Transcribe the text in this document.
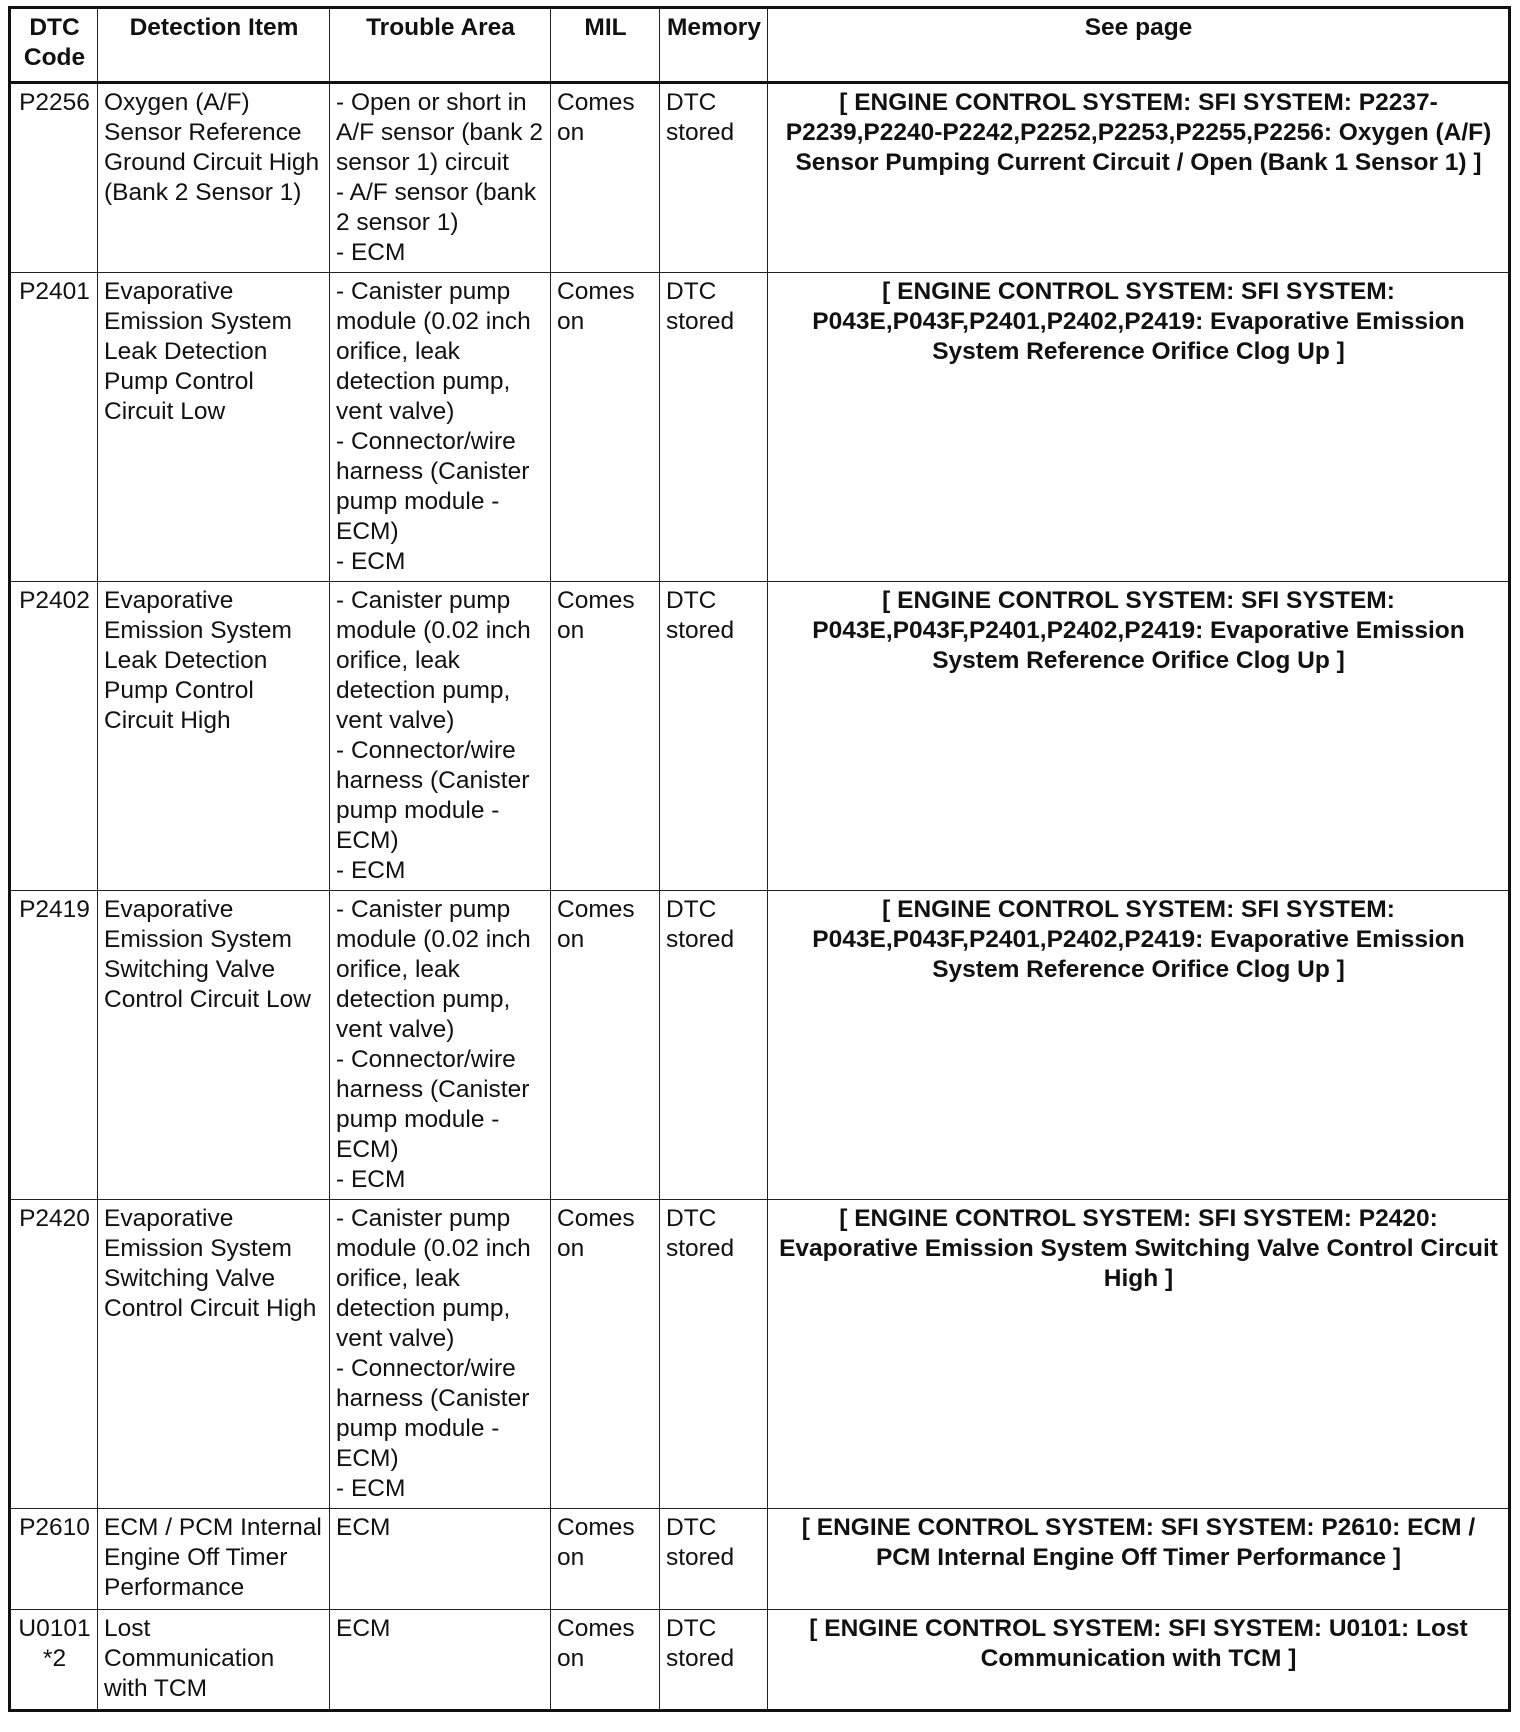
DTC Code	Detection Item	Trouble Area	MIL	Memory	See page

P2256	Oxygen (A/F) Sensor Reference Ground Circuit High (Bank 2 Sensor 1)	- Open or short in A/F sensor (bank 2 sensor 1) circuit
- A/F sensor (bank 2 sensor 1)
- ECM	Comes on	DTC stored	[ ENGINE CONTROL SYSTEM: SFI SYSTEM: P2237-P2239,P2240-P2242,P2252,P2253,P2255,P2256: Oxygen (A/F) Sensor Pumping Current Circuit / Open (Bank 1 Sensor 1) ]

P2401	Evaporative Emission System Leak Detection Pump Control Circuit Low	- Canister pump module (0.02 inch orifice, leak detection pump, vent valve)
- Connector/wire harness (Canister pump module - ECM)
- ECM	Comes on	DTC stored	[ ENGINE CONTROL SYSTEM: SFI SYSTEM: P043E,P043F,P2401,P2402,P2419: Evaporative Emission System Reference Orifice Clog Up ]

P2402	Evaporative Emission System Leak Detection Pump Control Circuit High	- Canister pump module (0.02 inch orifice, leak detection pump, vent valve)
- Connector/wire harness (Canister pump module - ECM)
- ECM	Comes on	DTC stored	[ ENGINE CONTROL SYSTEM: SFI SYSTEM: P043E,P043F,P2401,P2402,P2419: Evaporative Emission System Reference Orifice Clog Up ]

P2419	Evaporative Emission System Switching Valve Control Circuit Low	- Canister pump module (0.02 inch orifice, leak detection pump, vent valve)
- Connector/wire harness (Canister pump module - ECM)
- ECM	Comes on	DTC stored	[ ENGINE CONTROL SYSTEM: SFI SYSTEM: P043E,P043F,P2401,P2402,P2419: Evaporative Emission System Reference Orifice Clog Up ]

P2420	Evaporative Emission System Switching Valve Control Circuit High	- Canister pump module (0.02 inch orifice, leak detection pump, vent valve)
- Connector/wire harness (Canister pump module - ECM)
- ECM	Comes on	DTC stored	[ ENGINE CONTROL SYSTEM: SFI SYSTEM: P2420: Evaporative Emission System Switching Valve Control Circuit High ]

P2610	ECM / PCM Internal Engine Off Timer Performance	ECM	Comes on	DTC stored	[ ENGINE CONTROL SYSTEM: SFI SYSTEM: P2610: ECM / PCM Internal Engine Off Timer Performance ]

U0101
*2	Lost Communication with TCM	ECM	Comes on	DTC stored	[ ENGINE CONTROL SYSTEM: SFI SYSTEM: U0101: Lost Communication with TCM ]
